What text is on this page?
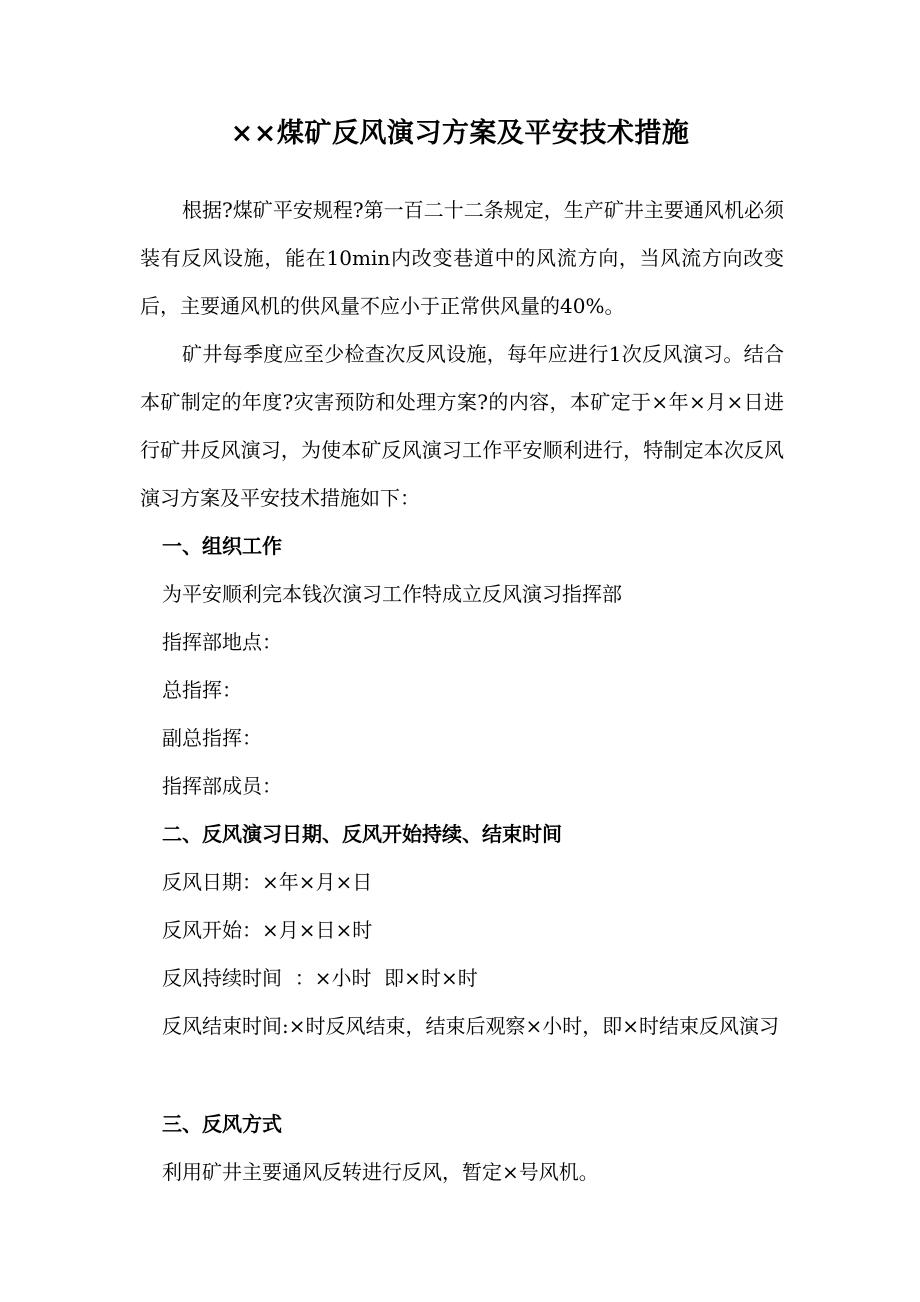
××煤矿反风演习方案及平安技术措施
根据?煤矿平安规程?第一百二十二条规定，生产矿井主要通风机必须装有反风设施，能在10min内改变巷道中的风流方向，当风流方向改变后，主要通风机的供风量不应小于正常供风量的40%。
矿井每季度应至少检查次反风设施，每年应进行1次反风演习。结合本矿制定的年度?灾害预防和处理方案?的内容，本矿定于×年×月×日进行矿井反风演习，为使本矿反风演习工作平安顺利进行，特制定本次反风演习方案及平安技术措施如下：
一、组织工作
为平安顺利完本钱次演习工作特成立反风演习指挥部
指挥部地点：
总指挥：
副总指挥：
指挥部成员：
二、反风演习日期、反风开始持续、结束时间
反风日期：×年×月×日
反风开始：×月×日×时
反风持续时间  ：×小时  即×时×时
反风结束时间:×时反风结束，结束后观察×小时，即×时结束反风演习
三、反风方式
利用矿井主要通风反转进行反风，暂定×号风机。
